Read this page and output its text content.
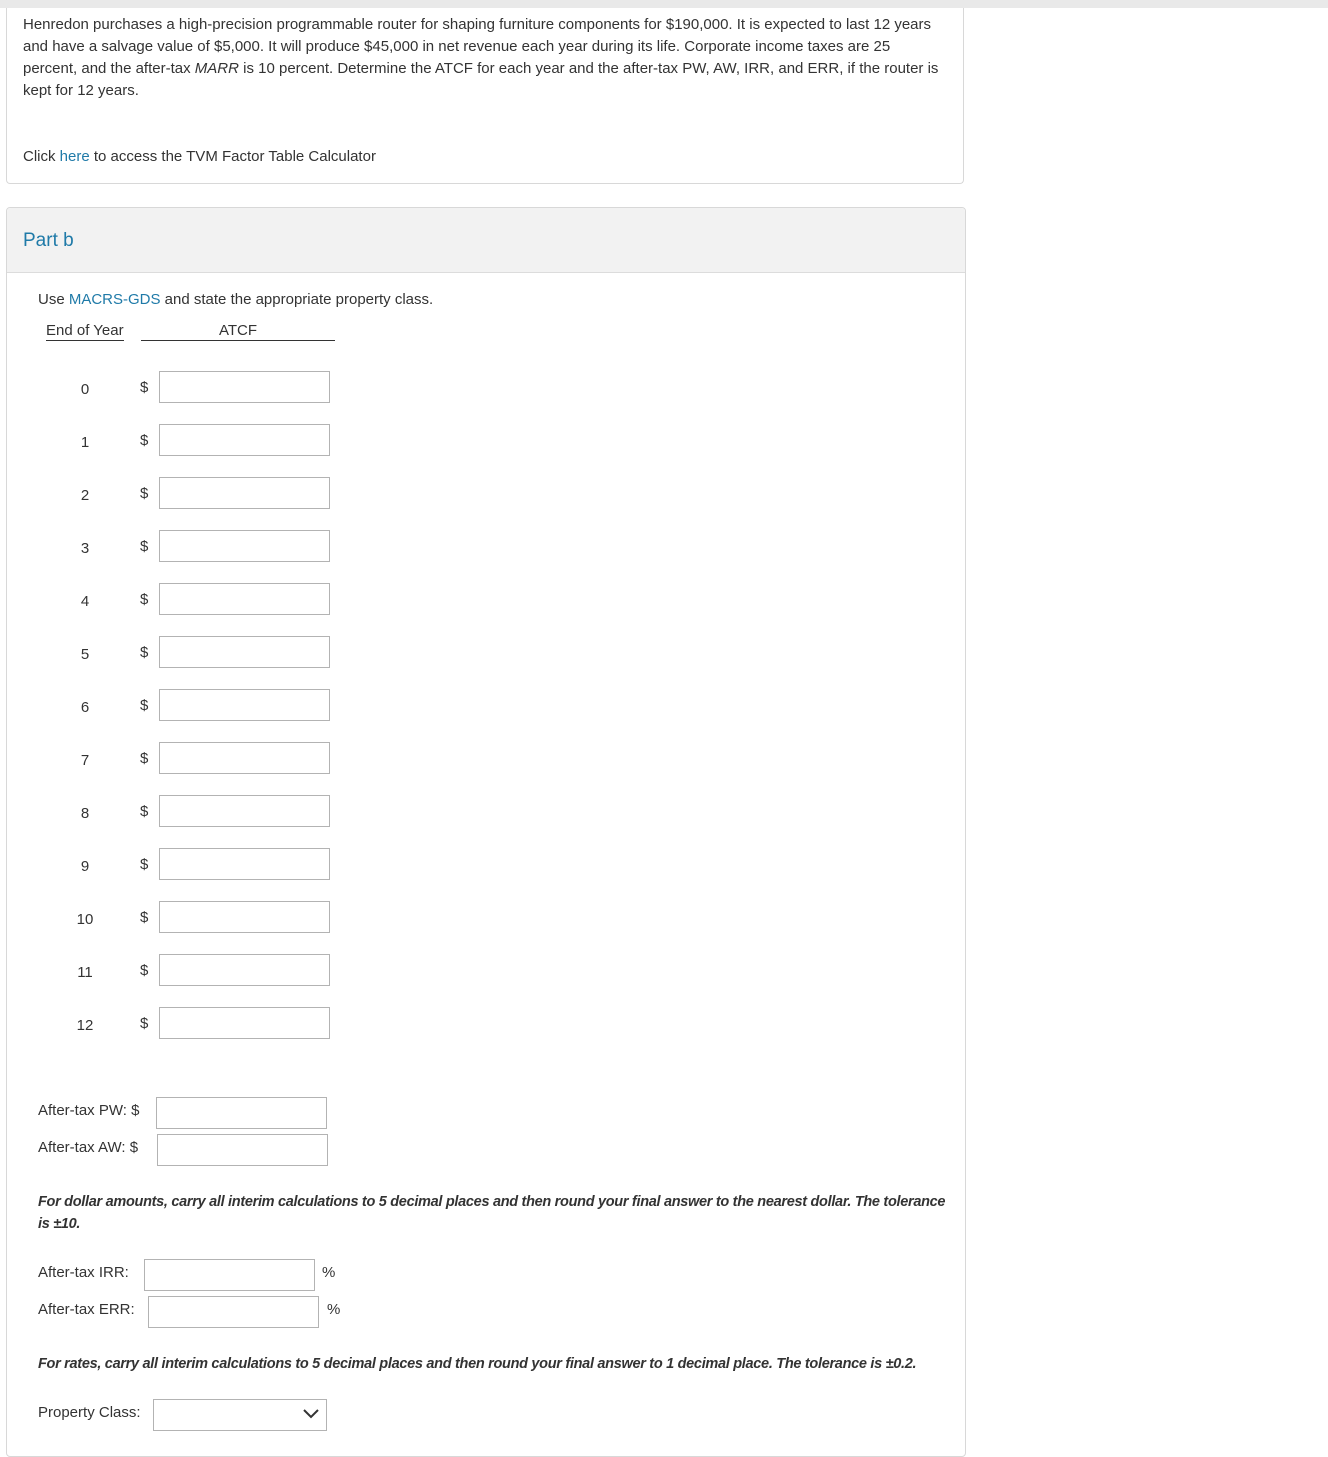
Henredon purchases a high-precision programmable router for shaping furniture components for $190,000. It is expected to last 12 years and have a salvage value of $5,000. It will produce $45,000 in net revenue each year during its life. Corporate income taxes are 25 percent, and the after-tax MARR is 10 percent. Determine the ATCF for each year and the after-tax PW, AW, IRR, and ERR, if the router is kept for 12 years.

Click here to access the TVM Factor Table Calculator
Part b
Use MACRS-GDS and state the appropriate property class.
End of Year	ATCF
0	$
1	$
2	$
3	$
4	$
5	$
6	$
7	$
8	$
9	$
10	$
11	$
12	$
After-tax PW: $
After-tax AW: $
For dollar amounts, carry all interim calculations to 5 decimal places and then round your final answer to the nearest dollar. The tolerance is ±10.
After-tax IRR:	%
After-tax ERR:	%
For rates, carry all interim calculations to 5 decimal places and then round your final answer to 1 decimal place. The tolerance is ±0.2.
Property Class:
